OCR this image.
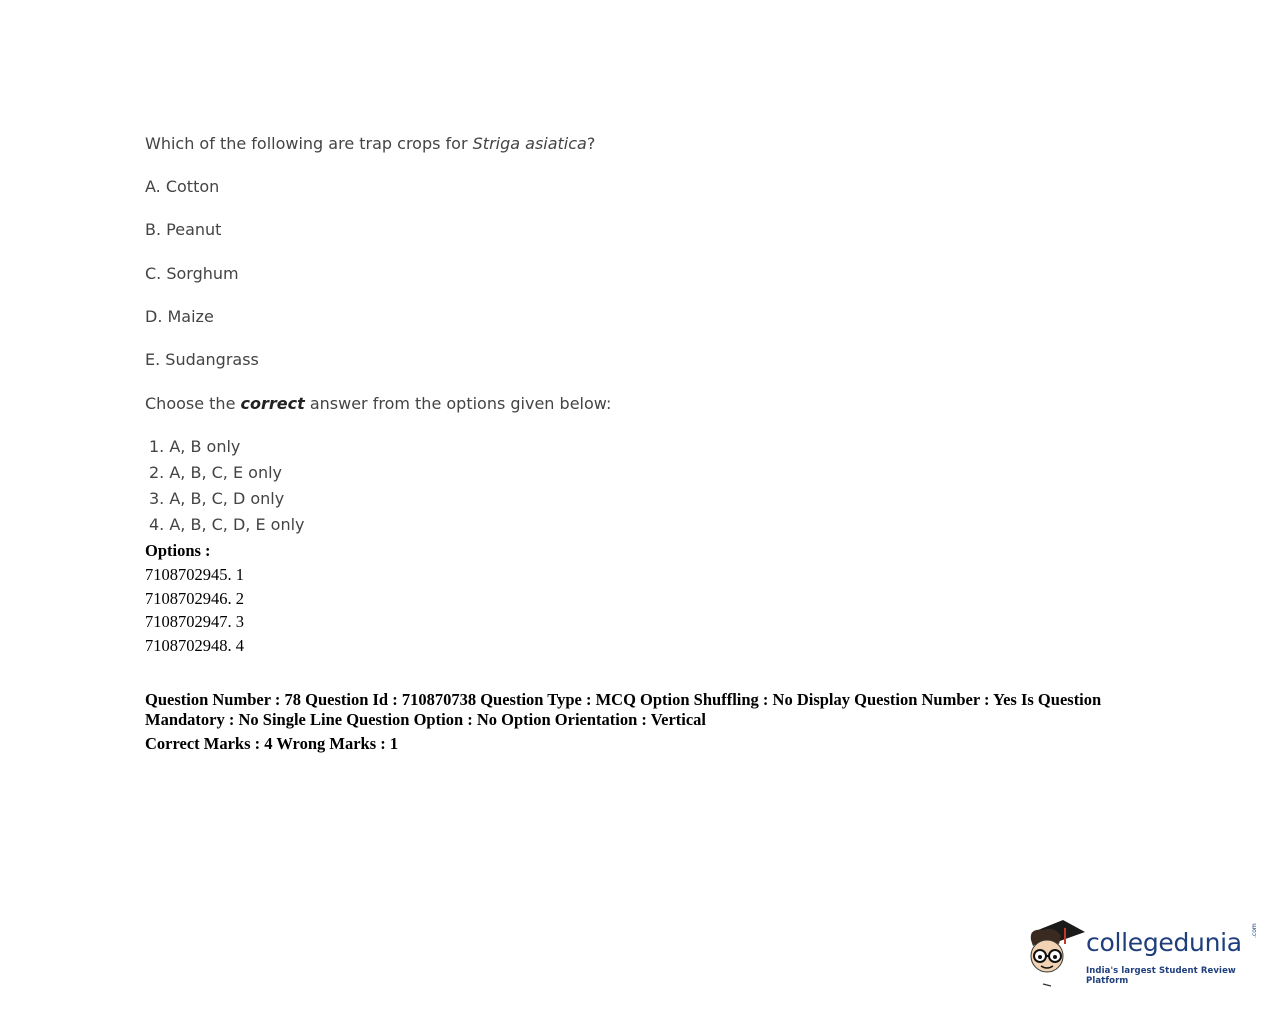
Which of the following are trap crops for Striga asiatica?
A. Cotton
B. Peanut
C. Sorghum
D. Maize
E. Sudangrass
Choose the correct answer from the options given below:
1. A, B only
2. A, B, C, E only
3. A, B, C, D only
4. A, B, C, D, E only
Options :
7108702945. 1
7108702946. 2
7108702947. 3
7108702948. 4
Question Number : 78 Question Id : 710870738 Question Type : MCQ Option Shuffling : No Display Question Number : Yes Is Question Mandatory : No Single Line Question Option : No Option Orientation : Vertical
Correct Marks : 4 Wrong Marks : 1
collegedunia .com
India's largest Student Review Platform
